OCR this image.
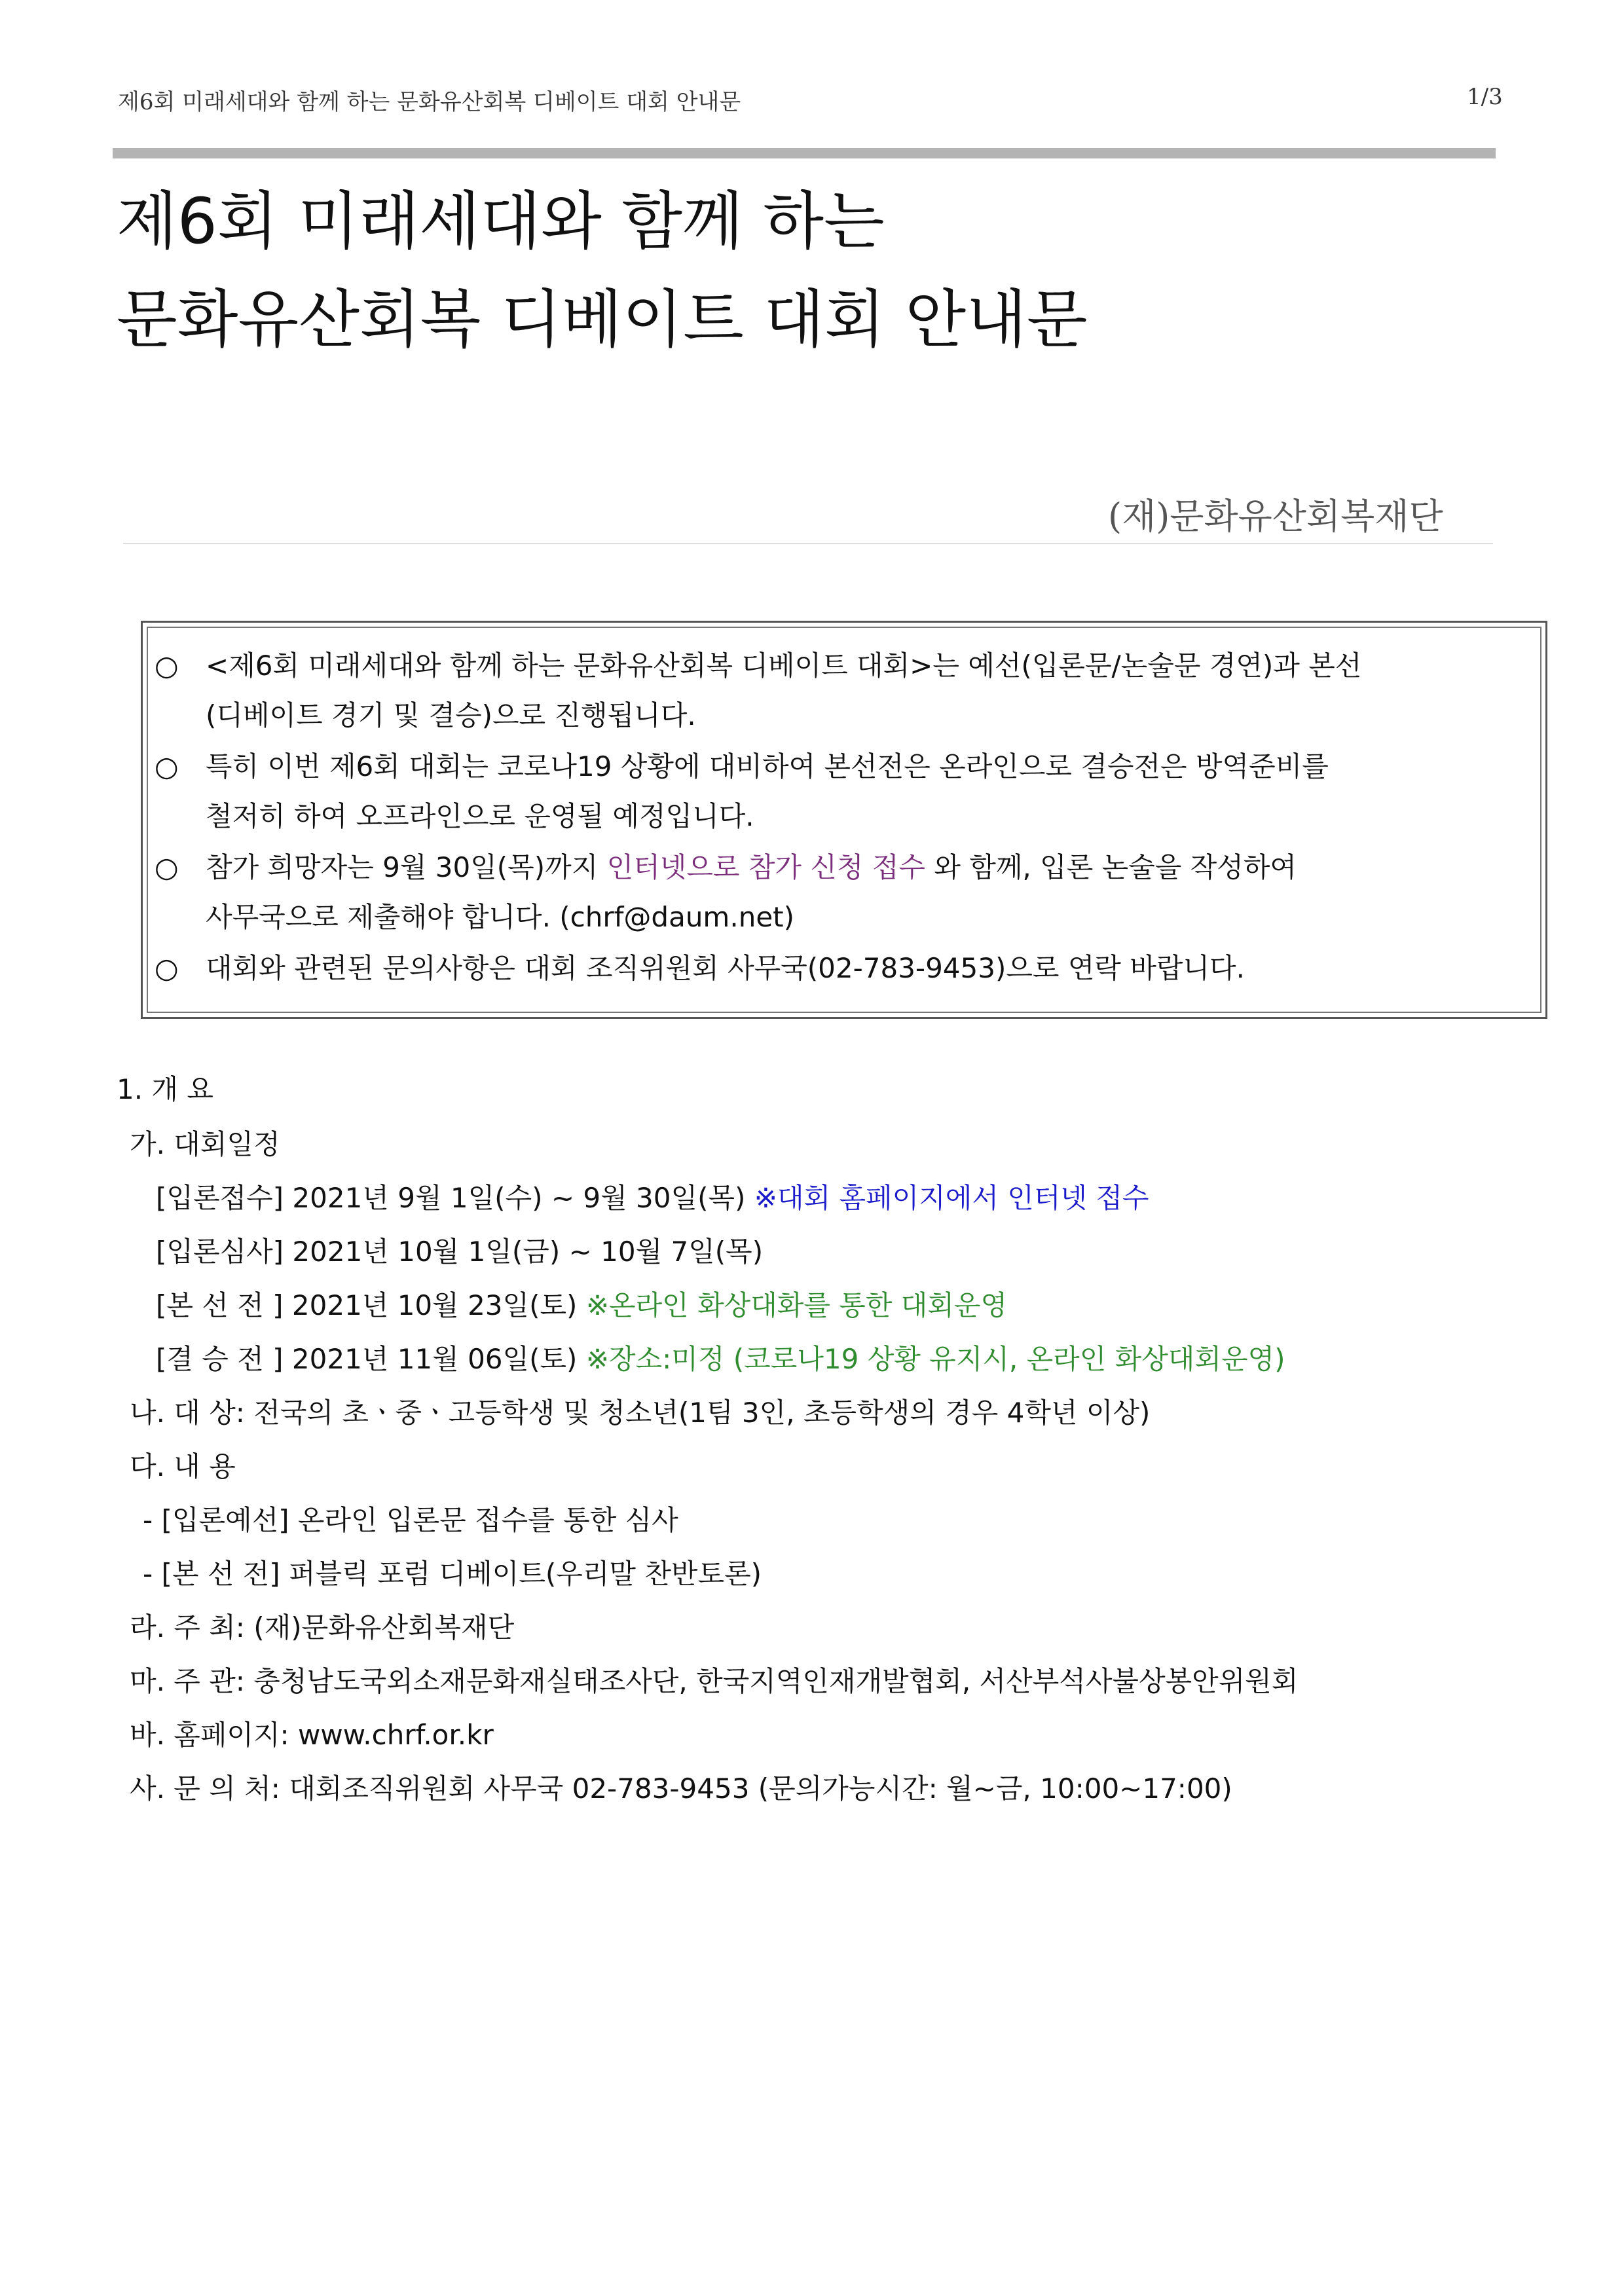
제6회 미래세대와 함께 하는 문화유산회복 디베이트 대회 안내문	1/3
제6회 미래세대와 함께 하는
문화유산회복 디베이트 대회 안내문
(재)문화유산회복재단
○ <제6회 미래세대와 함께 하는 문화유산회복 디베이트 대회>는 예선(입론문/논술문 경연)과 본선
(디베이트 경기 및 결승)으로 진행됩니다.
○ 특히 이번 제6회 대회는 코로나19 상황에 대비하여 본선전은 온라인으로 결승전은 방역준비를
철저히 하여 오프라인으로 운영될 예정입니다.
○ 참가 희망자는 9월 30일(목)까지 인터넷으로 참가 신청 접수 와 함께, 입론 논술을 작성하여
사무국으로 제출해야 합니다. (chrf@daum.net)
○ 대회와 관련된 문의사항은 대회 조직위원회 사무국(02-783-9453)으로 연락 바랍니다.
1. 개 요
가. 대회일정
[입론접수] 2021년 9월 1일(수) ~ 9월 30일(목) ※대회 홈페이지에서 인터넷 접수
[입론심사] 2021년 10월 1일(금) ~ 10월 7일(목)
[본 선 전 ] 2021년 10월 23일(토) ※온라인 화상대화를 통한 대회운영
[결 승 전 ] 2021년 11월 06일(토) ※장소:미정 (코로나19 상황 유지시, 온라인 화상대회운영)
나. 대 상: 전국의 초ㆍ중ㆍ고등학생 및 청소년(1팀 3인, 초등학생의 경우 4학년 이상)
다. 내 용
- [입론예선] 온라인 입론문 접수를 통한 심사
- [본 선 전] 퍼블릭 포럼 디베이트(우리말 찬반토론)
라. 주 최: (재)문화유산회복재단
마. 주 관: 충청남도국외소재문화재실태조사단, 한국지역인재개발협회, 서산부석사불상봉안위원회
바. 홈페이지: www.chrf.or.kr
사. 문 의 처: 대회조직위원회 사무국 02-783-9453 (문의가능시간: 월~금, 10:00~17:00)
